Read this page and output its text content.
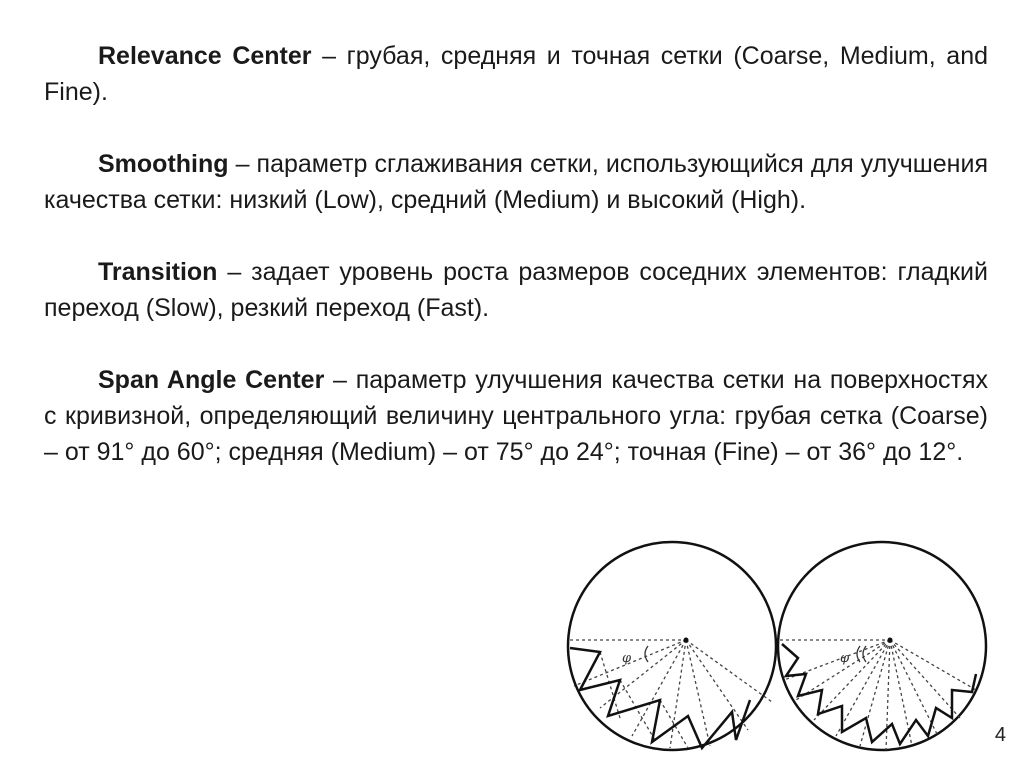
Relevance Center – грубая, средняя и точная сетки (Coarse, Medium, and Fine).

Smoothing – параметр сглаживания сетки, использующийся для улучшения качества сетки: низкий (Low), средний (Medium) и высокий (High).

Transition – задает уровень роста размеров соседних элементов: гладкий переход (Slow), резкий переход (Fast).

Span Angle Center – параметр улучшения качества сетки на поверхностях с кривизной, определяющий величину центрального угла: грубая сетка (Coarse) – от 91° до 60°; средняя (Medium) – от 75° до 24°; точная (Fine) – от 36° до 12°.

φ	φ
4
